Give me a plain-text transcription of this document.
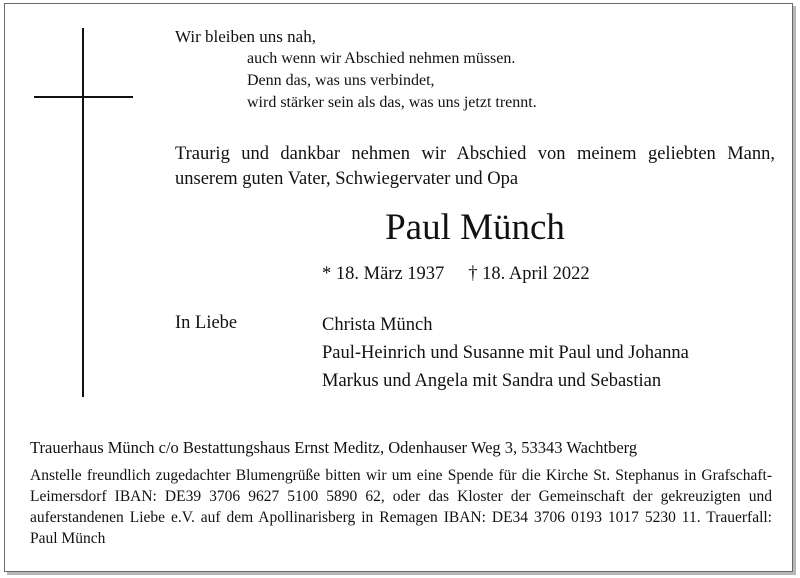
Wir bleiben uns nah,
auch wenn wir Abschied nehmen müssen.
Denn das, was uns verbindet,
wird stärker sein als das, was uns jetzt trennt.
Traurig und dankbar nehmen wir Abschied von meinem geliebten Mann, unserem guten Vater, Schwiegervater und Opa
Paul Münch
* 18. März 1937 † 18. April 2022
In Liebe	Christa Münch
Paul-Heinrich und Susanne mit Paul und Johanna
Markus und Angela mit Sandra und Sebastian
Trauerhaus Münch c/o Bestattungshaus Ernst Meditz, Odenhauser Weg 3, 53343 Wachtberg
Anstelle freundlich zugedachter Blumengrüße bitten wir um eine Spende für die Kirche St. Stephanus in Grafschaft-Leimersdorf IBAN: DE39 3706 9627 5100 5890 62, oder das Kloster der Gemeinschaft der gekreuzigten und auferstandenen Liebe e.V. auf dem Apollinarisberg in Remagen IBAN: DE34 3706 0193 1017 5230 11. Trauerfall: Paul Münch
